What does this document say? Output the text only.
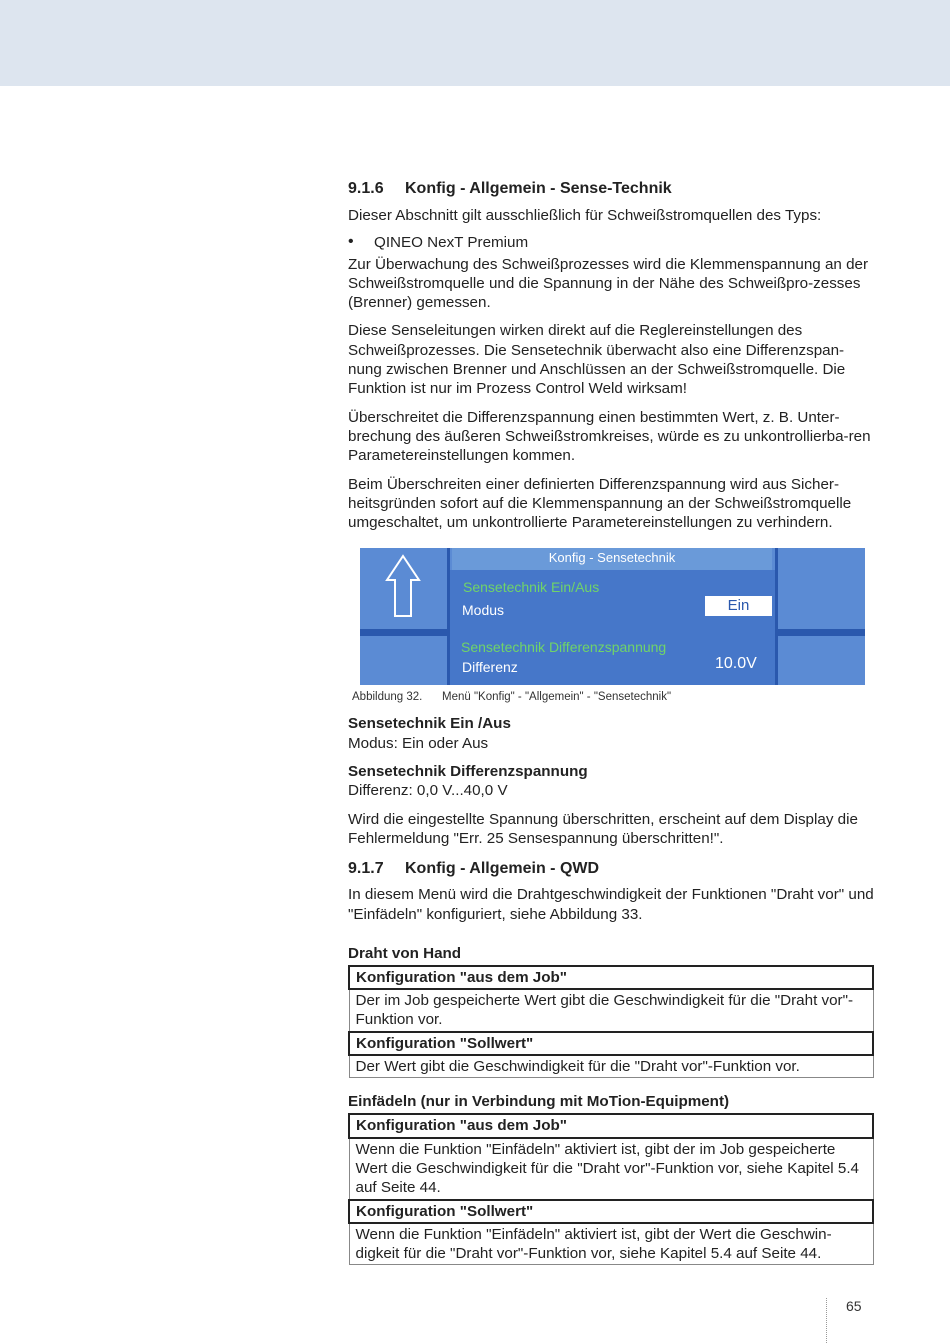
9.1.6 Konfig - Allgemein - Sense-Technik

Dieser Abschnitt gilt ausschließlich für Schweißstromquellen des Typs:

•	QINEO NexT Premium

Zur Überwachung des Schweißprozesses wird die Klemmenspannung an der Schweißstromquelle und die Spannung in der Nähe des Schweißpro-zesses (Brenner) gemessen.

Diese Senseleitungen wirken direkt auf die Reglereinstellungen des Schweißprozesses. Die Sensetechnik überwacht also eine Differenzspan-nung zwischen Brenner und Anschlüssen an der Schweißstromquelle. Die Funktion ist nur im Prozess Control Weld wirksam!

Überschreitet die Differenzspannung einen bestimmten Wert, z. B. Unter-brechung des äußeren Schweißstromkreises, würde es zu unkontrollierba-ren Parametereinstellungen kommen.

Beim Überschreiten einer definierten Differenzspannung wird aus Sicher-heitsgründen sofort auf die Klemmenspannung an der Schweißstromquelle umgeschaltet, um unkontrollierte Parametereinstellungen zu verhindern.

Konfig - Sensetechnik
Sensetechnik Ein/Aus
Modus	Ein
Sensetechnik Differenzspannung
Differenz	10.0V
Abbildung 32. Menü "Konfig" - "Allgemein" - "Sensetechnik"
Sensetechnik Ein /Aus

Modus: Ein oder Aus

Sensetechnik Differenzspannung

Differenz: 0,0 V...40,0 V

Wird die eingestellte Spannung überschritten, erscheint auf dem Display die Fehlermeldung "Err. 25 Sensespannung überschritten!".

9.1.7 Konfig - Allgemein - QWD

In diesem Menü wird die Drahtgeschwindigkeit der Funktionen "Draht vor" und "Einfädeln" konfiguriert, siehe Abbildung 33.

Draht von Hand
Konfiguration "aus dem Job"
Der im Job gespeicherte Wert gibt die Geschwindigkeit für die "Draht vor"-Funktion vor.
Konfiguration "Sollwert"
Der Wert gibt die Geschwindigkeit für die "Draht vor"-Funktion vor.
Einfädeln (nur in Verbindung mit MoTion-Equipment)
Konfiguration "aus dem Job"
Wenn die Funktion "Einfädeln" aktiviert ist, gibt der im Job gespeicherte Wert die Geschwindigkeit für die "Draht vor"-Funktion vor, siehe Kapitel 5.4 auf Seite 44.
Konfiguration "Sollwert"
Wenn die Funktion "Einfädeln" aktiviert ist, gibt der Wert die Geschwin-digkeit für die "Draht vor"-Funktion vor, siehe Kapitel 5.4 auf Seite 44.
65
